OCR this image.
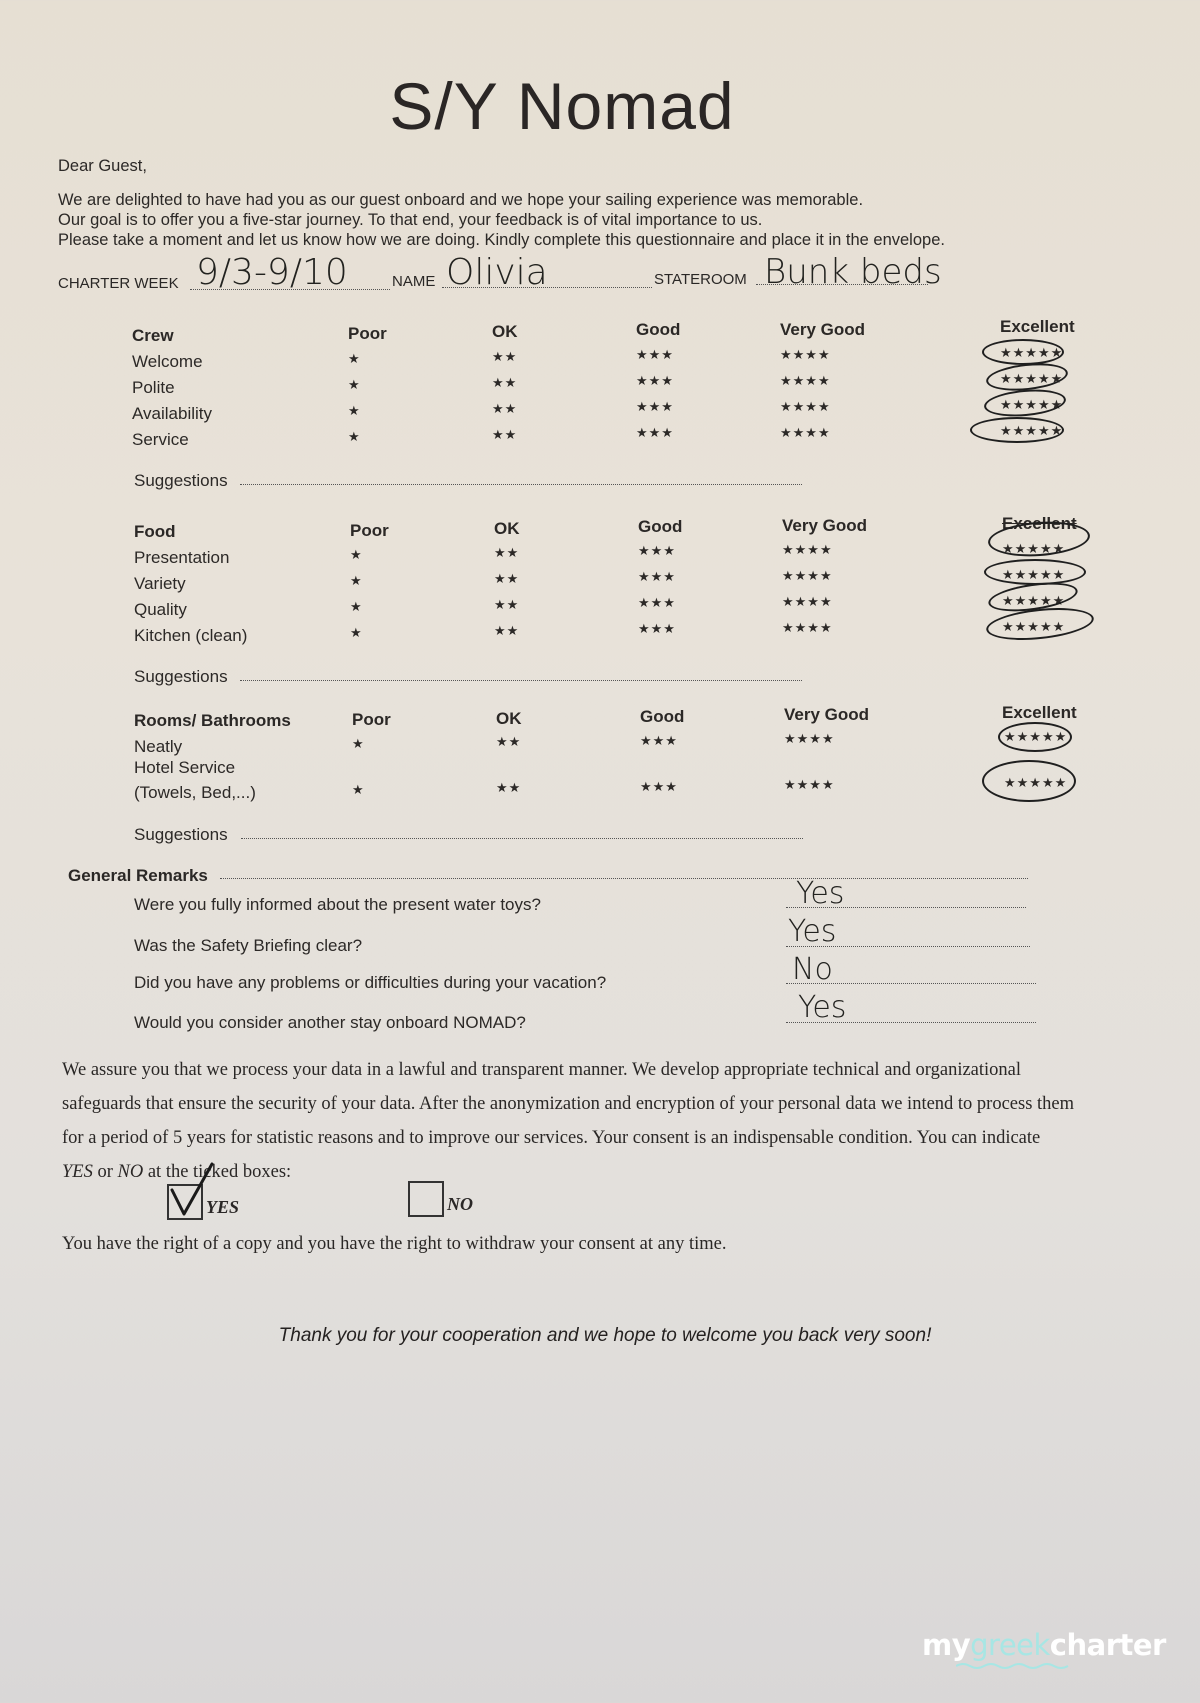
S/Y Nomad
Dear Guest,
We are delighted to have had you as our guest onboard and we hope your sailing experience was memorable.
Our goal is to offer you a five-star journey. To that end, your feedback is of vital importance to us.
Please take a moment and let us know how we are doing. Kindly complete this questionnaire and place it in the envelope.
CHARTER WEEK 9/3-9/10	NAME Olivia	STATEROOM Bunk beds
Crew	Poor	OK	Good	Very Good	Excellent
Welcome	★	★★	★★★	★★★★	★★★★★
Polite	★	★★	★★★	★★★★	★★★★★
Availability	★	★★	★★★	★★★★	★★★★★
Service	★	★★	★★★	★★★★	★★★★★
Suggestions
Food	Poor	OK	Good	Very Good	Excellent
Presentation	★	★★	★★★	★★★★	★★★★★
Variety	★	★★	★★★	★★★★	★★★★★
Quality	★	★★	★★★	★★★★	★★★★★
Kitchen (clean)	★	★★	★★★	★★★★	★★★★★
Suggestions
Rooms/ Bathrooms	Poor	OK	Good	Very Good	Excellent
Neatly	★	★★	★★★	★★★★	★★★★★
Hotel Service
(Towels, Bed,...)	★	★★	★★★	★★★★	★★★★★
Suggestions
General Remarks
Were you fully informed about the present water toys?	Yes
Was the Safety Briefing clear?	Yes
Did you have any problems or difficulties during your vacation?	No
Would you consider another stay onboard NOMAD?	Yes
We assure you that we process your data in a lawful and transparent manner. We develop appropriate technical and organizational
safeguards that ensure the security of your data. After the anonymization and encryption of your personal data we intend to process them
for a period of 5 years for statistic reasons and to improve our services. Your consent is an indispensable condition. You can indicate
YES or NO at the ticked boxes:
YES	NO
You have the right of a copy and you have the right to withdraw your consent at any time.
Thank you for your cooperation and we hope to welcome you back very soon!
mygreekcharter
